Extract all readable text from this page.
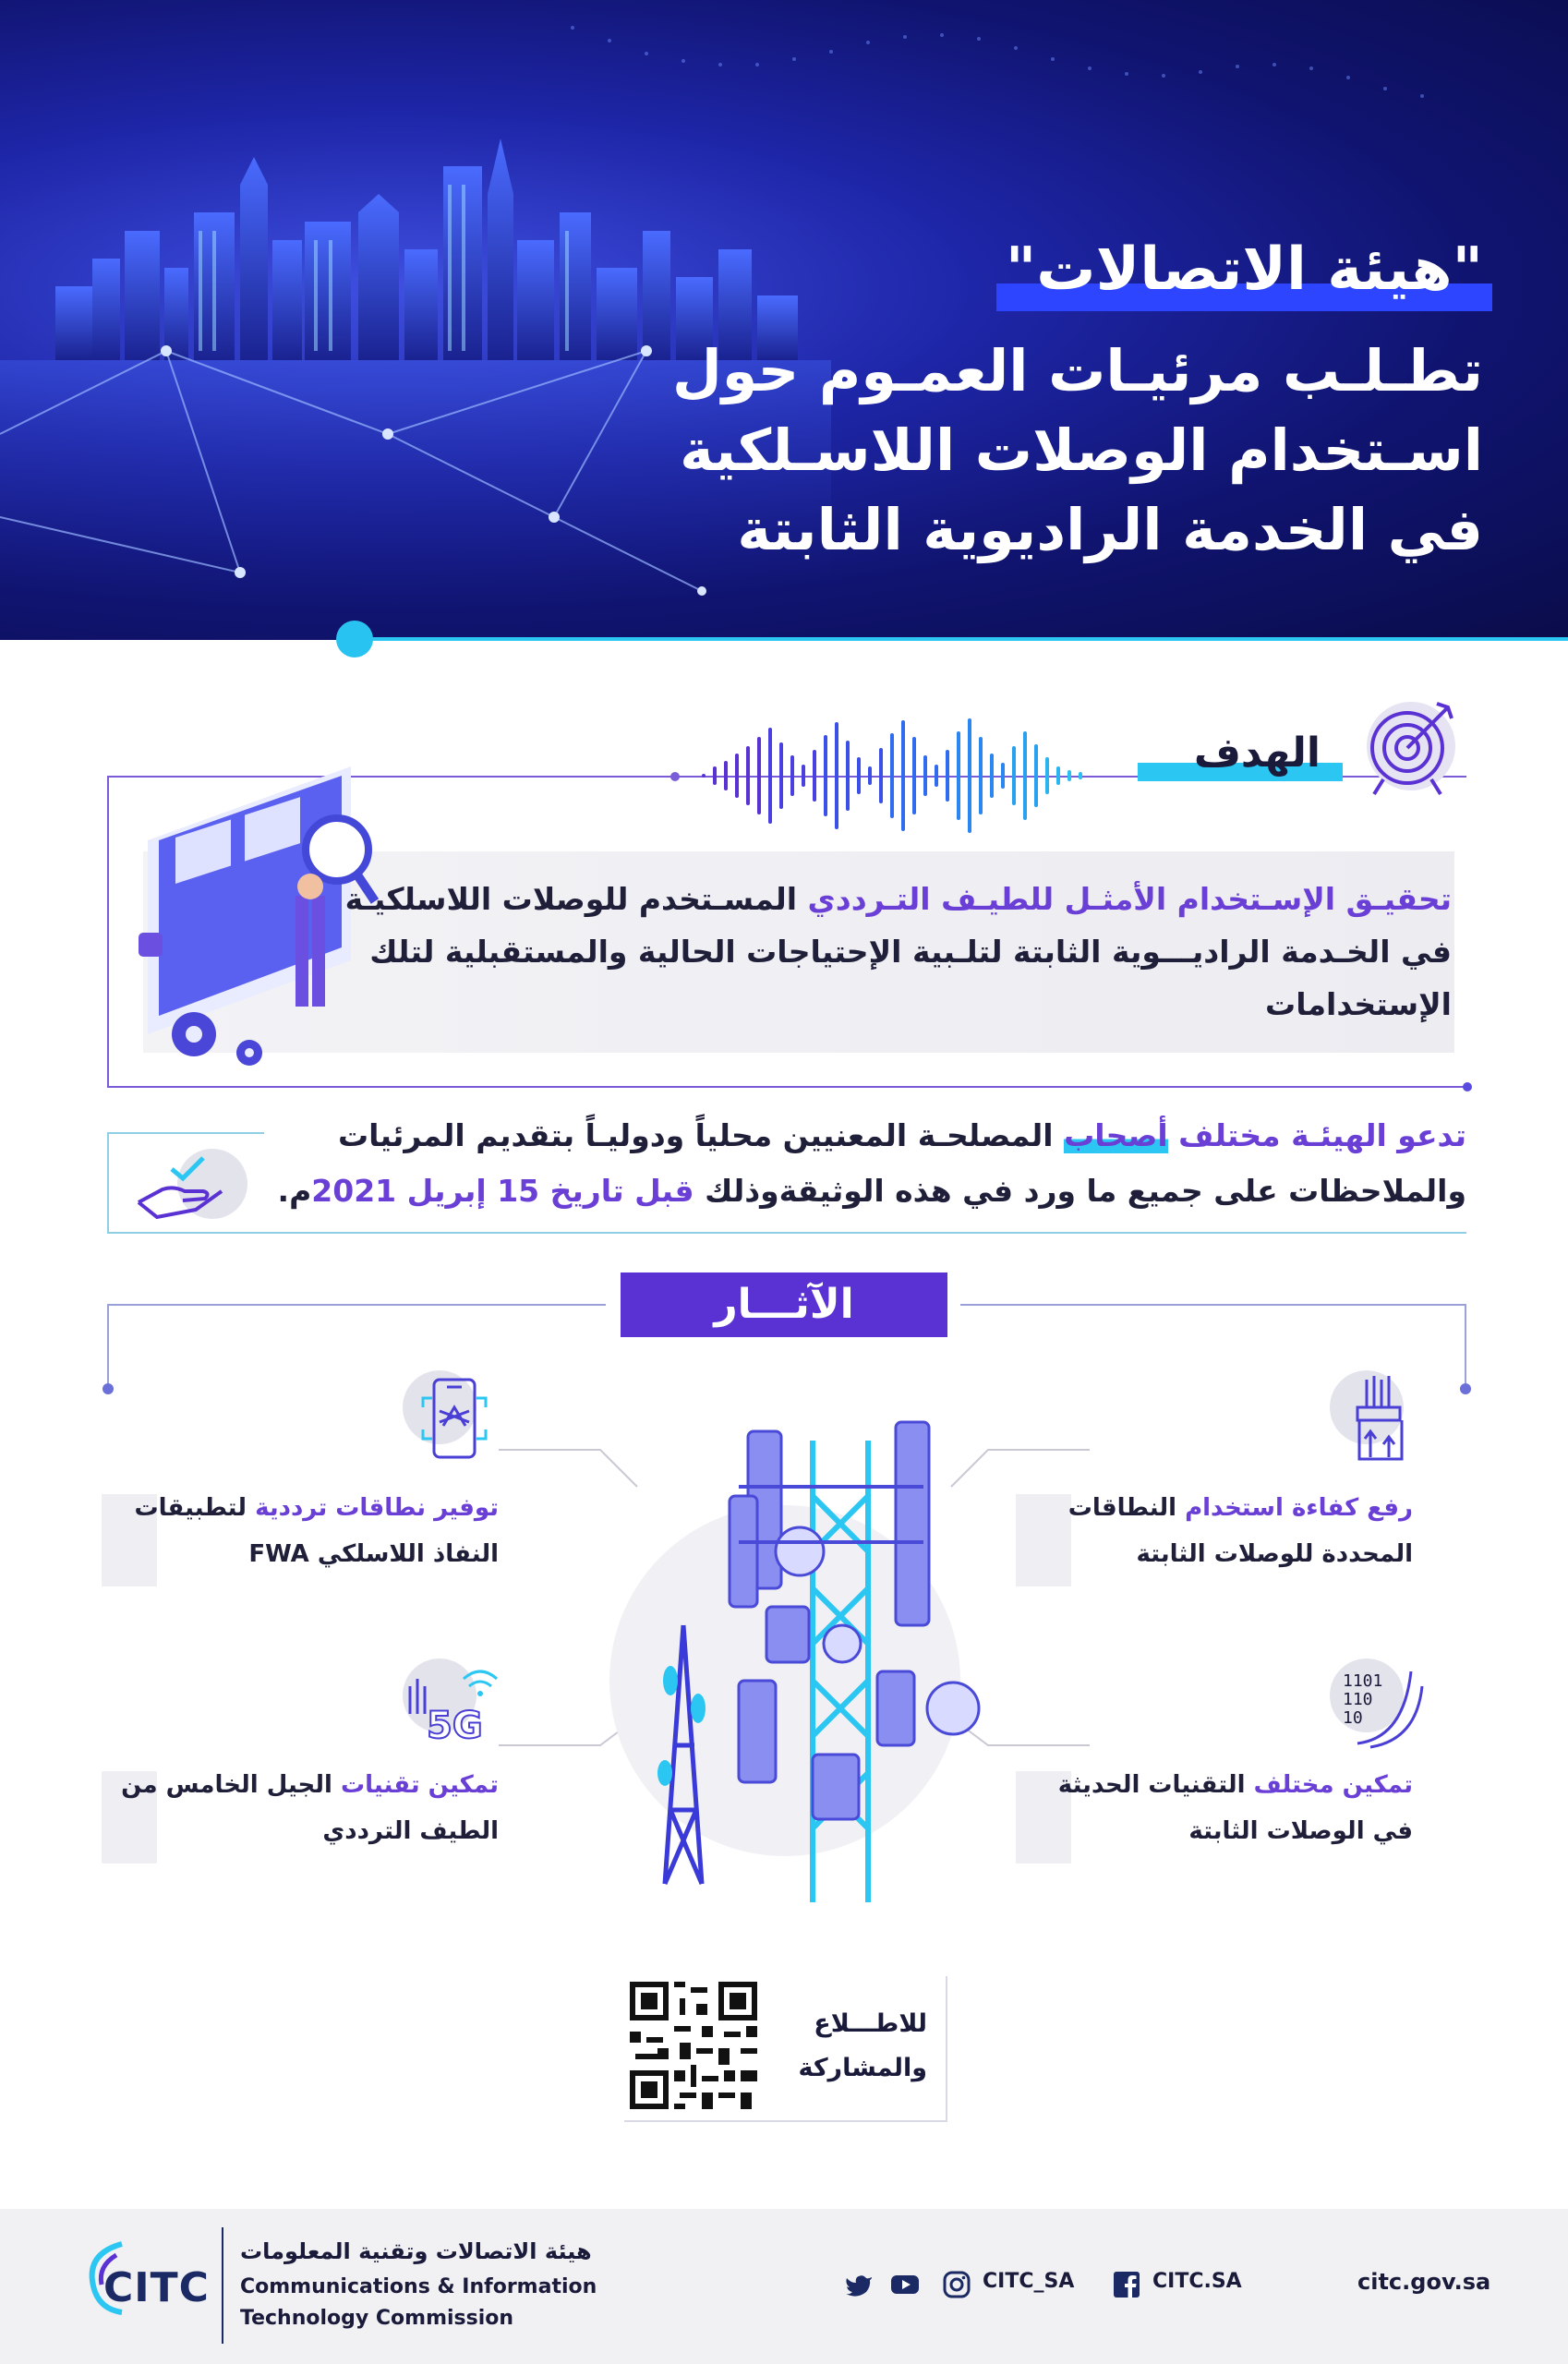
"هيئة الاتصالات"
تطـلـب مرئيـات العمـوم حول
اسـتخدام الوصلات اللاسـلكية
في الخدمة الراديوية الثابتة
الهدف
تحقيـق الإسـتخدام الأمثـل للطيـف التـرددي المسـتخدم للوصلات اللاسلكيـة في الخـدمة الراديـــوية الثابتة لتلـبية الإحتياجات الحالية والمستقبلية لتلك الإستخدامات
تدعو الهيئـة مختلف أصحاب المصلحـة المعنيين محلياً ودوليـاً بتقديم المرئيات والملاحظات على جميع ما ورد في هذه الوثيقةوذلك قبل تاريخ 15 إبريل 2021م.
الآثـــار
رفع كفاءة استخدام النطاقات المحددة للوصلات الثابتة
توفير نطاقات ترددية لتطبيقات النفاذ اللاسلكي FWA
1101
110
10
تمكين مختلف التقنيات الحديثة في الوصلات الثابتة
5G
تمكين تقنيات الجيل الخامس من الطيف الترددي
للاطـــلاع
والمشاركة
CITC
هيئة الاتصالات وتقنية المعلومات
Communications & Information
Technology Commission
CITC_SA	CITC.SA	citc.gov.sa
